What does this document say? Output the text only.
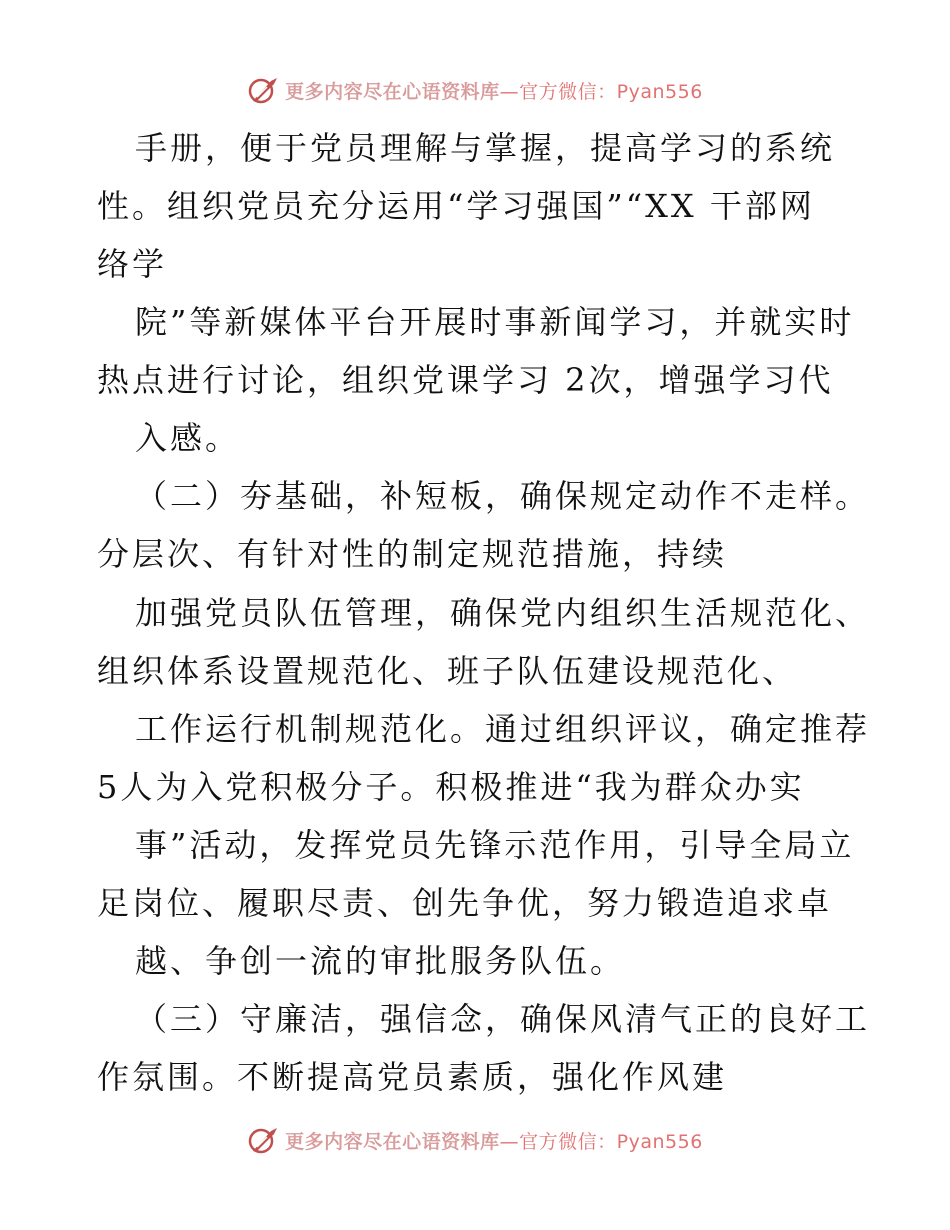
更多内容尽在心语资料库—官方微信：Pyan556
手册，便于党员理解与掌握，提高学习的系统
性。组织党员充分运用“学习强国”“XX 干部网
络学
院”等新媒体平台开展时事新闻学习，并就实时
热点进行讨论，组织党课学习 2次，增强学习代
入感。
（二）夯基础，补短板，确保规定动作不走样。
分层次、有针对性的制定规范措施，持续
加强党员队伍管理，确保党内组织生活规范化、
组织体系设置规范化、班子队伍建设规范化、
工作运行机制规范化。通过组织评议，确定推荐
5人为入党积极分子。积极推进“我为群众办实
事”活动，发挥党员先锋示范作用，引导全局立
足岗位、履职尽责、创先争优，努力锻造追求卓
越、争创一流的审批服务队伍。
（三）守廉洁，强信念，确保风清气正的良好工
作氛围。不断提高党员素质，强化作风建
更多内容尽在心语资料库—官方微信：Pyan556
